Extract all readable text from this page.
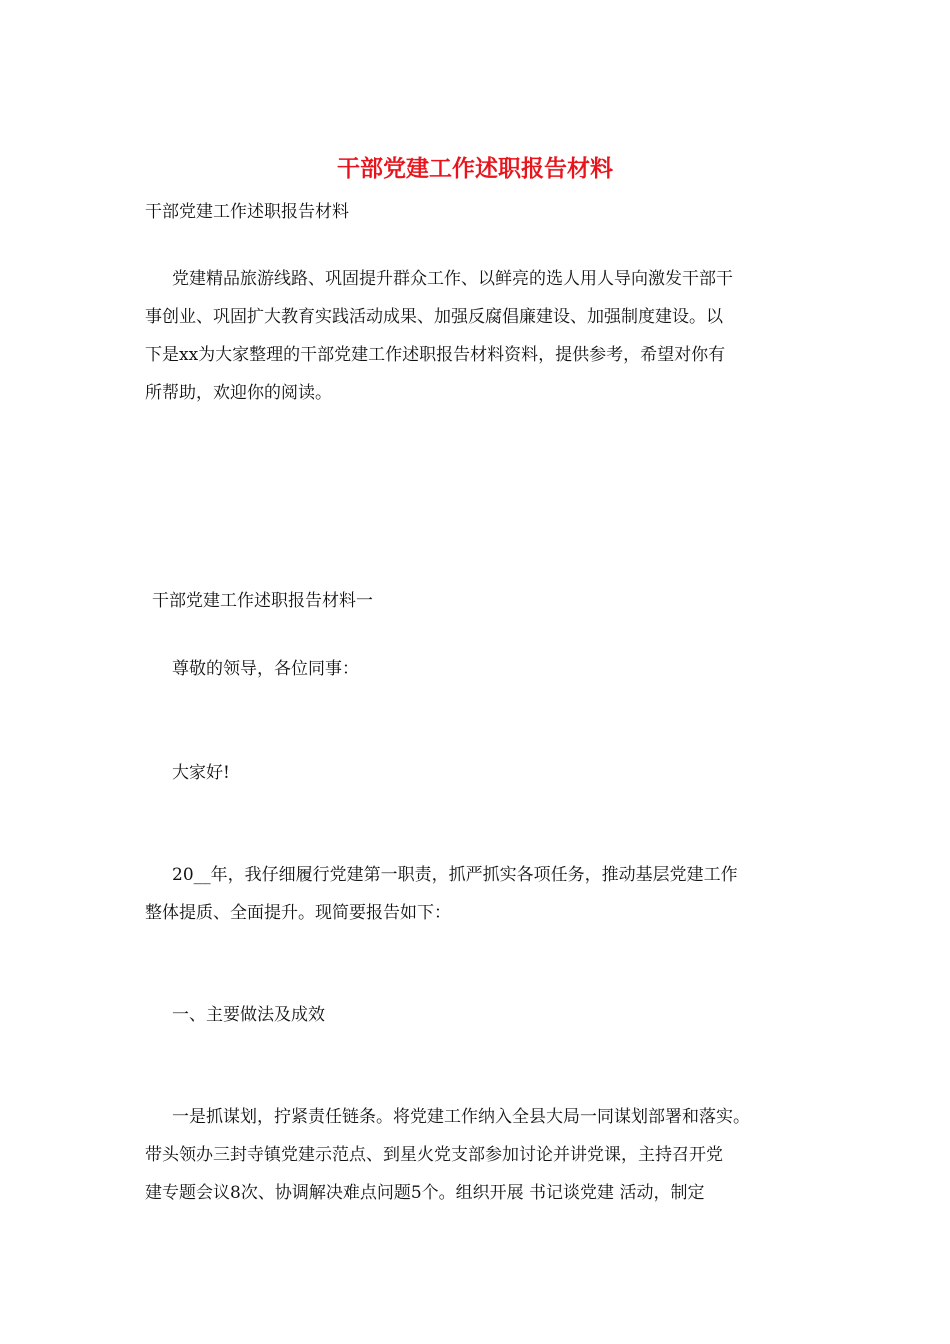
干部党建工作述职报告材料

干部党建工作述职报告材料

党建精品旅游线路、巩固提升群众工作、以鲜亮的选人用人导向激发干部干

事创业、巩固扩大教育实践活动成果、加强反腐倡廉建设、加强制度建设。以

下是xx为大家整理的干部党建工作述职报告材料资料，提供参考，希望对你有

所帮助，欢迎你的阅读。

干部党建工作述职报告材料一

尊敬的领导，各位同事：

大家好!

20__年，我仔细履行党建第一职责，抓严抓实各项任务，推动基层党建工作

整体提质、全面提升。现简要报告如下：

一、主要做法及成效

一是抓谋划，拧紧责任链条。将党建工作纳入全县大局一同谋划部署和落实。

带头领办三封寺镇党建示范点、到星火党支部参加讨论并讲党课，主持召开党

建专题会议8次、协调解决难点问题5个。组织开展 书记谈党建 活动，制定
